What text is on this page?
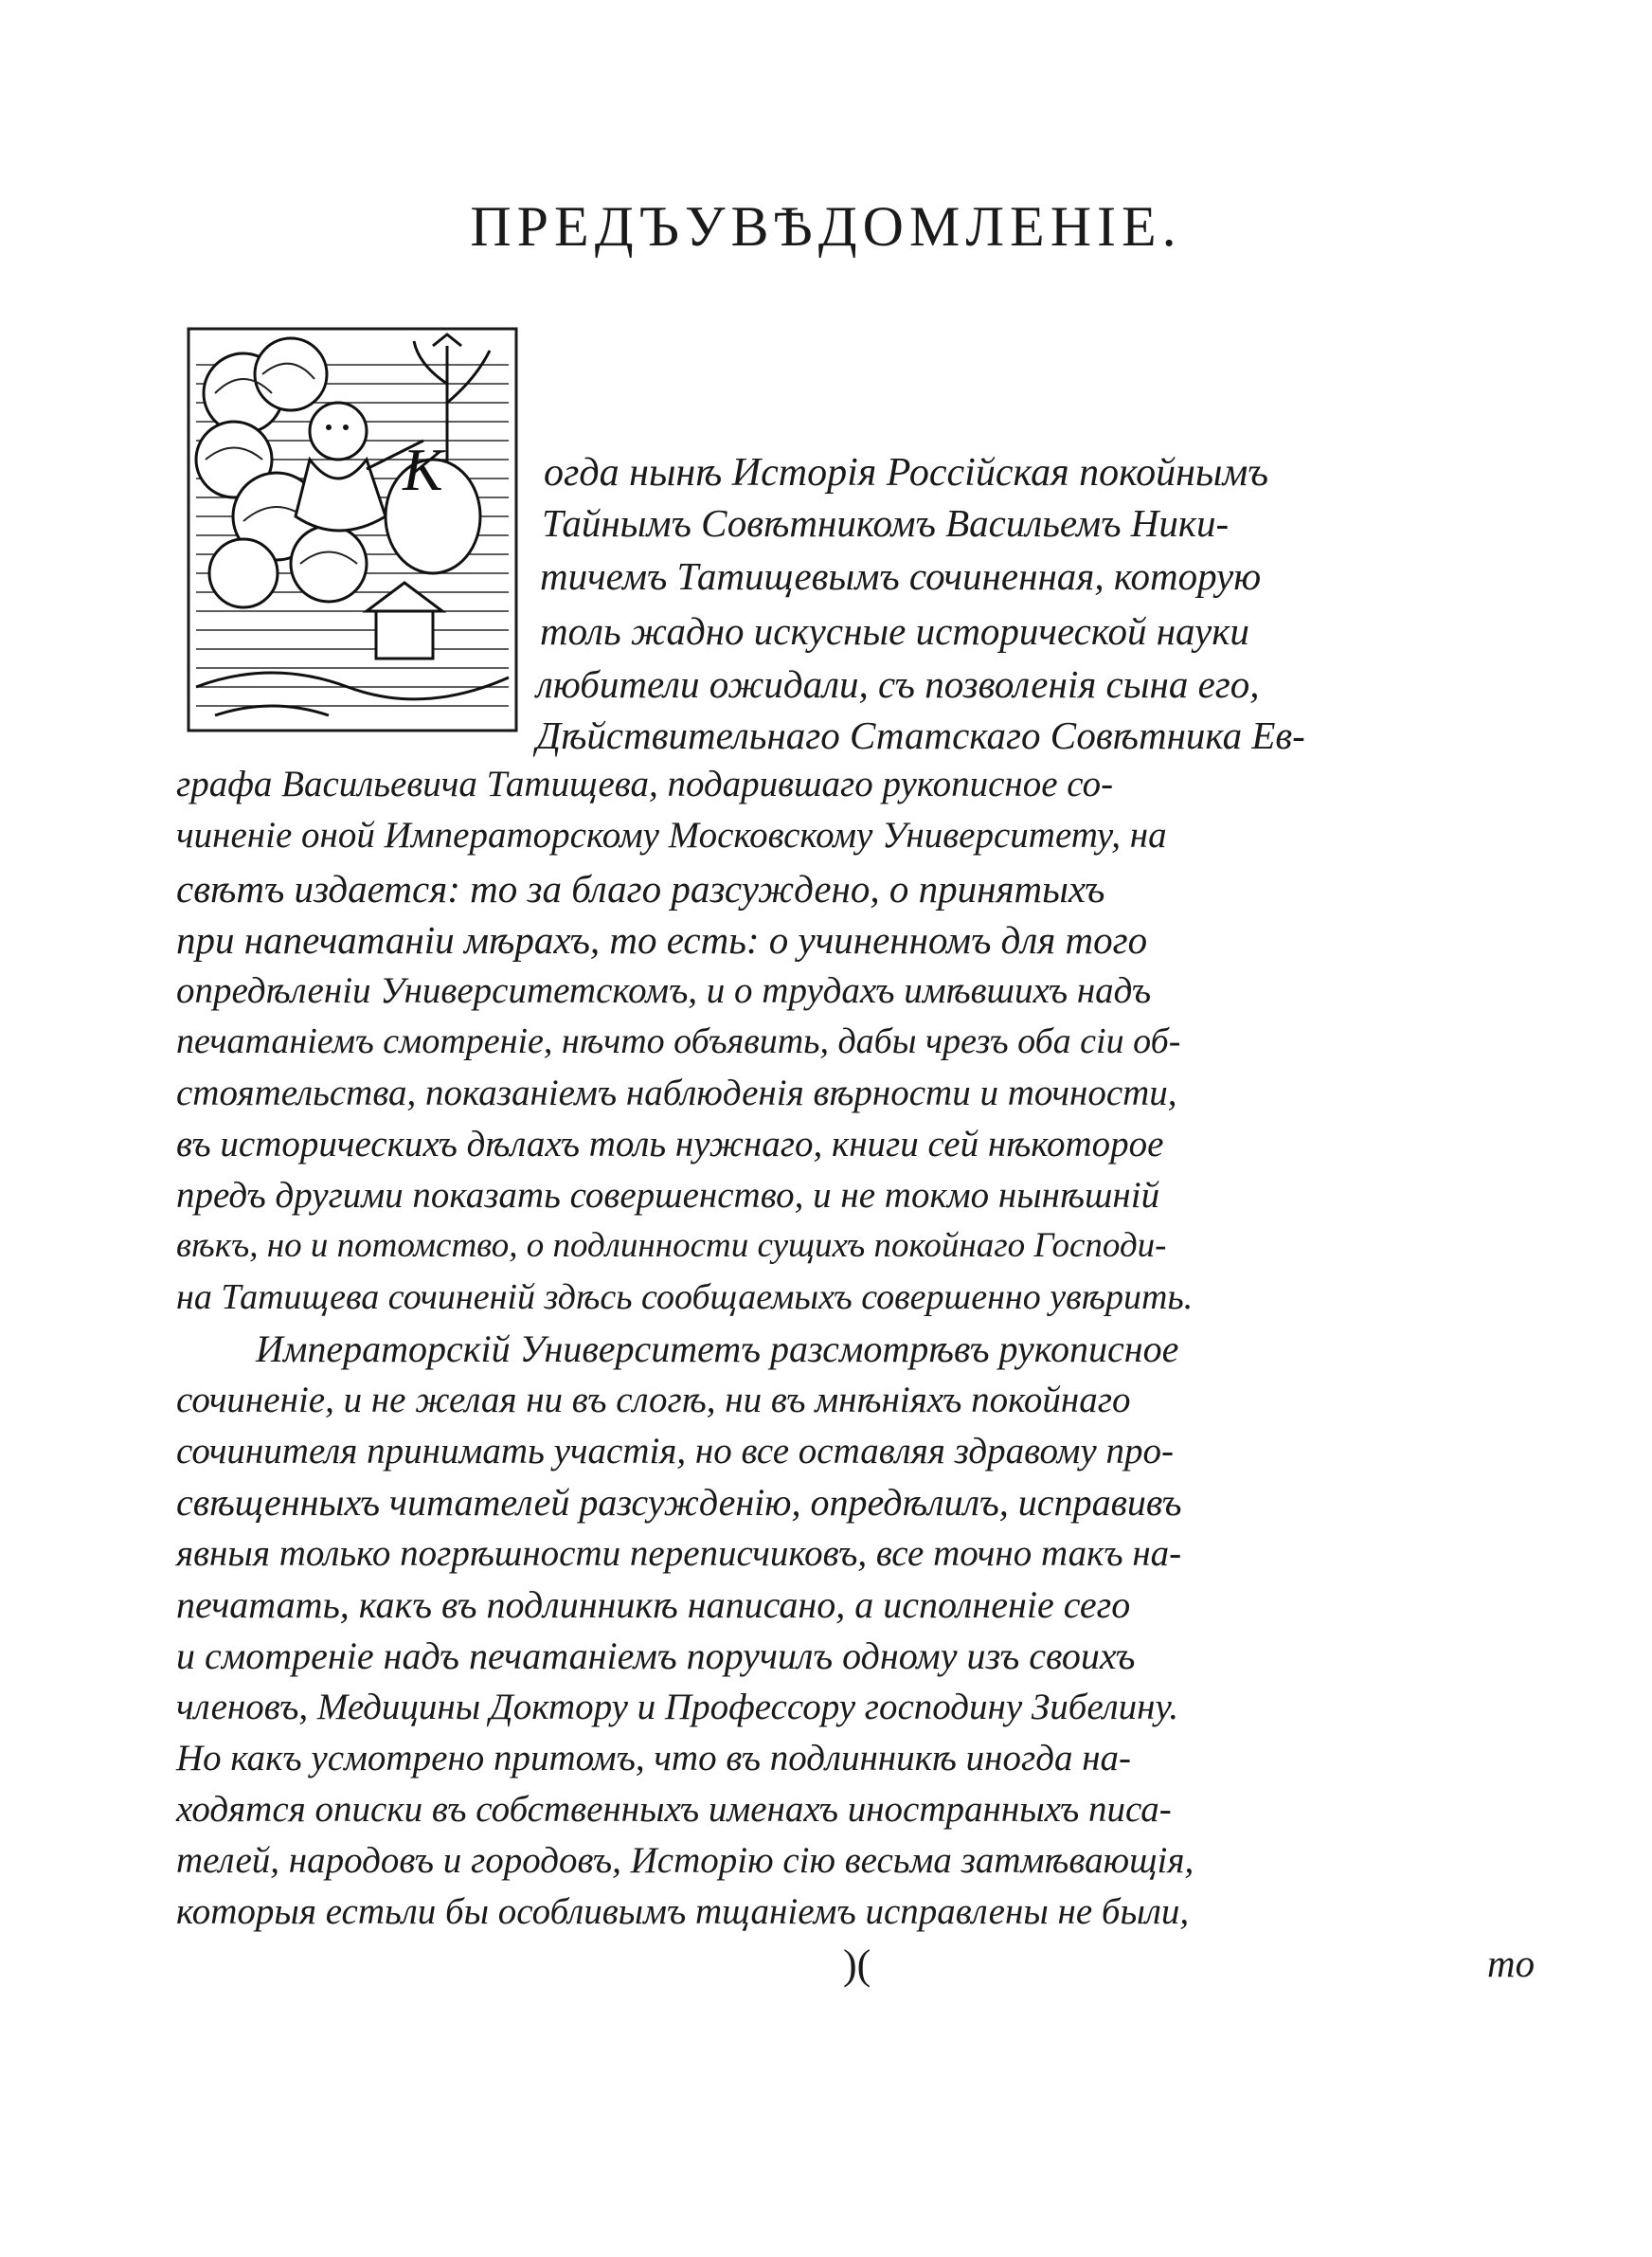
ПРЕДЪУВѢДОМЛЕНІЕ.
К	огда нынѣ Исторія Россійская покойнымъ

Тайнымъ Совѣтникомъ Васильемъ Ники-

тичемъ Татищевымъ сочиненная, которую

толь жадно искусные исторической науки

любители ожидали, съ позволенія сына его,

Дѣйствительнаго Статскаго Совѣтника Ев-

графа Васильевича Татищева, подарившаго рукописное со-

чиненіе оной Императорскому Московскому Университету, на

свѣтъ издается: то за благо разсуждено, о принятыхъ

при напечатаніи мѣрахъ, то есть: о учиненномъ для того

опредѣленіи Университетскомъ, и о трудахъ имѣвшихъ надъ

печатаніемъ смотреніе, нѣчто объявить, дабы чрезъ оба сіи об-

стоятельства, показаніемъ наблюденія вѣрности и точности,

въ историческихъ дѣлахъ толь нужнаго, книги сей нѣкоторое

предъ другими показать совершенство, и не токмо нынѣшній

вѣкъ, но и потомство, о подлинности сущихъ покойнаго Господи-

на Татищева сочиненій здѣсь сообщаемыхъ совершенно увѣрить.

Императорскій Университетъ разсмотрѣвъ рукописное

сочиненіе, и не желая ни въ слогѣ, ни въ мнѣніяхъ покойнаго

сочинителя принимать участія, но все оставляя здравому про-

свѣщенныхъ читателей разсужденію, опредѣлилъ, исправивъ

явныя только погрѣшности переписчиковъ, все точно такъ на-

печатать, какъ въ подлинникѣ написано, а исполненіе сего

и смотреніе надъ печатаніемъ поручилъ одному изъ своихъ

членовъ, Медицины Доктору и Профессору господину Зибелину.

Но какъ усмотрено притомъ, что въ подлинникѣ иногда на-

ходятся описки въ собственныхъ именахъ иностранныхъ писа-

телей, народовъ и городовъ, Исторію сію весьма затмѣвающія,

которыя естьли бы особливымъ тщаніемъ исправлены не были,

)(	то
